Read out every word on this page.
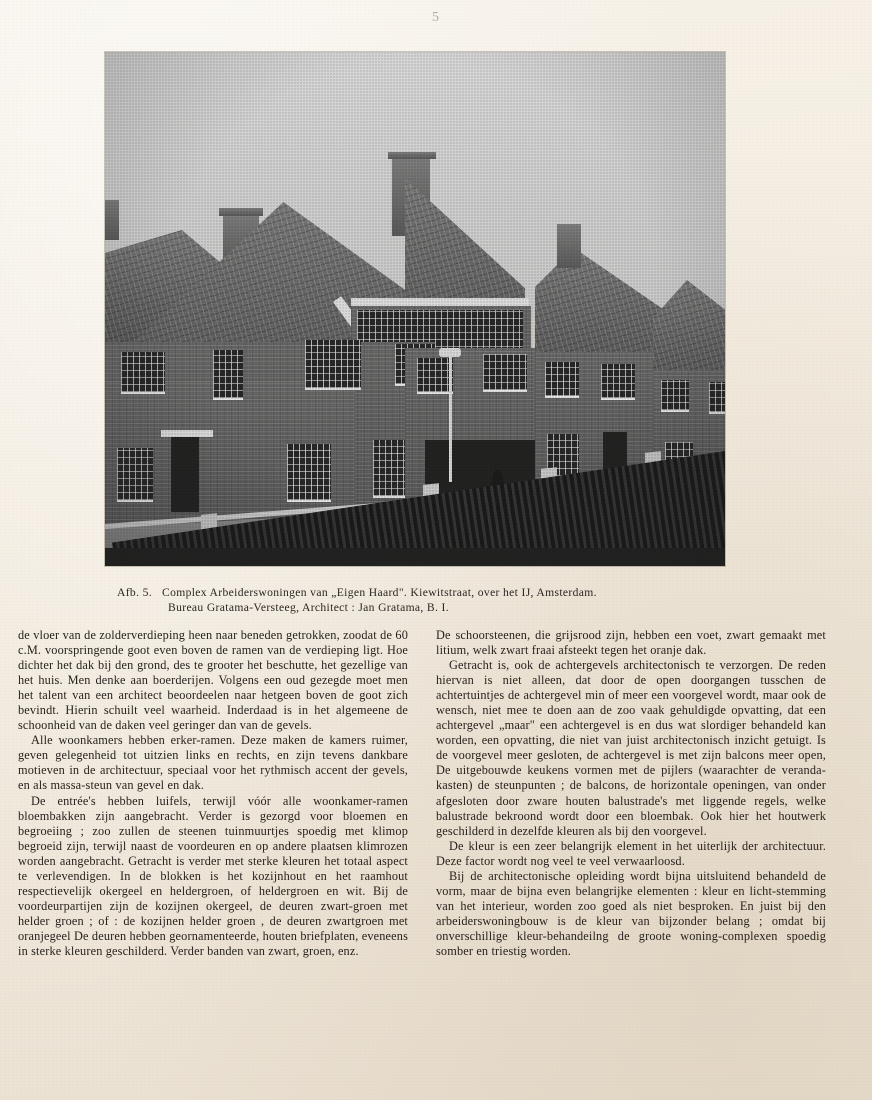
5
Afb. 5. Complex Arbeiderswoningen van „Eigen Haard". Kiewitstraat, over het IJ, Amsterdam.
Bureau Gratama-Versteeg, Architect : Jan Gratama, B. I.

de vloer van de zolderverdieping heen naar beneden getrokken, zoodat de 60 c.M. voorspringende goot even boven de ramen van de verdieping ligt. Hoe dichter het dak bij den grond, des te grooter het beschutte, het gezellige van het huis. Men denke aan boerderijen. Volgens een oud gezegde moet men het talent van een architect beoordeelen naar hetgeen boven de goot zich bevindt. Hierin schuilt veel waarheid. Inderdaad is in het algemeene de schoonheid van de daken veel geringer dan van de gevels.

Alle woonkamers hebben erker-ramen. Deze maken de kamers ruimer, geven gelegenheid tot uitzien links en rechts, en zijn tevens dankbare motieven in de architectuur, speciaal voor het rythmisch accent der gevels, en als massa-steun van gevel en dak.

De entrée's hebben luifels, terwijl vóór alle woonkamer-ramen bloembakken zijn aangebracht. Verder is gezorgd voor bloemen en begroeiing ; zoo zullen de steenen tuinmuurtjes spoedig met klimop begroeid zijn, terwijl naast de voordeuren en op andere plaatsen klimrozen worden aangebracht. Getracht is verder met sterke kleuren het totaal aspect te verlevendigen. In de blokken is het kozijnhout en het raamhout respectievelijk okergeel en heldergroen, of heldergroen en wit. Bij de voordeurpartijen zijn de kozijnen okergeel, de deuren zwart-groen met helder groen ; of : de kozijnen helder groen , de deuren zwartgroen met oranjegeel De deuren hebben geornamenteerde, houten briefplaten, eveneens in sterke kleuren geschilderd. Verder banden van zwart, groen, enz.

De schoorsteenen, die grijsrood zijn, hebben een voet, zwart gemaakt met litium, welk zwart fraai afsteekt tegen het oranje dak.

Getracht is, ook de achtergevels architectonisch te verzorgen. De reden hiervan is niet alleen, dat door de open doorgangen tusschen de achtertuintjes de achtergevel min of meer een voorgevel wordt, maar ook de wensch, niet mee te doen aan de zoo vaak gehuldigde opvatting, dat een achtergevel „maar" een achtergevel is en dus wat slordiger behandeld kan worden, een opvatting, die niet van juist architectonisch inzicht getuigt. Is de voorgevel meer gesloten, de achtergevel is met zijn balcons meer open, De uitgebouwde keukens vormen met de pijlers (waarachter de veranda-kasten) de steunpunten ; de balcons, de horizontale openingen, van onder afgesloten door zware houten balustrade's met liggende regels, welke balustrade bekroond wordt door een bloembak. Ook hier het houtwerk geschilderd in dezelfde kleuren als bij den voorgevel.

De kleur is een zeer belangrijk element in het uiterlijk der architectuur. Deze factor wordt nog veel te veel verwaarloosd.

Bij de architectonische opleiding wordt bijna uitsluitend behandeld de vorm, maar de bijna even belangrijke elementen : kleur en licht-stemming van het interieur, worden zoo goed als niet besproken. En juist bij den arbeiderswoningbouw is de kleur van bijzonder belang ; omdat bij onverschillige kleur-behandeilng de groote woning-complexen spoedig somber en triestig worden.
